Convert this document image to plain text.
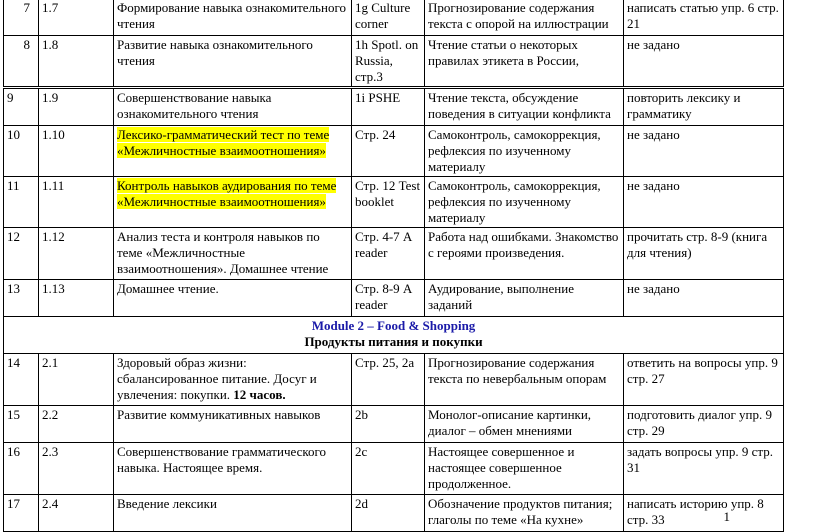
7	1.7	Формирование навыка ознакомительного чтения	1g Culture corner	Прогнозирование содержания текста с опорой на иллюстрации	написать статью упр. 6 стр. 21
8	1.8	Развитие навыка ознакомительного чтения	1h Spotl. on Russia, стр.3	Чтение статьи о некоторых правилах этикета в России,	не задано
9	1.9	Совершенствование навыка ознакомительного чтения	1i PSHE	Чтение текста, обсуждение поведения в ситуации конфликта	повторить лексику и грамматику
10	1.10	Лексико-грамматический тест по теме «Межличностные взаимоотношения»	Стр. 24	Самоконтроль, самокоррекция, рефлексия по изученному материалу	не задано
11	1.11	Контроль навыков аудирования по теме «Межличностные взаимоотношения»	Стр. 12 Test booklet	Самоконтроль, самокоррекция, рефлексия по изученному материалу	не задано
12	1.12	Анализ теста и контроля навыков по теме «Межличностные взаимоотношения». Домашнее чтение	Стр. 4-7 A reader	Работа над ошибками. Знакомство с героями произведения.	прочитать стр. 8-9 (книга для чтения)
13	1.13	Домашнее чтение.	Стр. 8-9 A reader	Аудирование, выполнение заданий	не задано

Module 2 – Food & Shopping
Продукты питания и покупки					

14	2.1	Здоровый образ жизни: сбалансированное питание. Досуг и увлечения: покупки. 12 часов.	Стр. 25, 2а	Прогнозирование содержания текста по невербальным опорам	ответить на вопросы упр. 9 стр. 27
15	2.2	Развитие коммуникативных навыков	2b	Монолог-описание картинки, диалог – обмен мнениями	подготовить диалог упр. 9 стр. 29
16	2.3	Совершенствование грамматического навыка. Настоящее время.	2c	Настоящее совершенное и настоящее совершенное продолженное.	задать вопросы упр. 9 стр. 31
17	2.4	Введение лексики	2d	Обозначение продуктов питания; глаголы по теме «На кухне»	написать историю упр. 8 стр. 33	1
